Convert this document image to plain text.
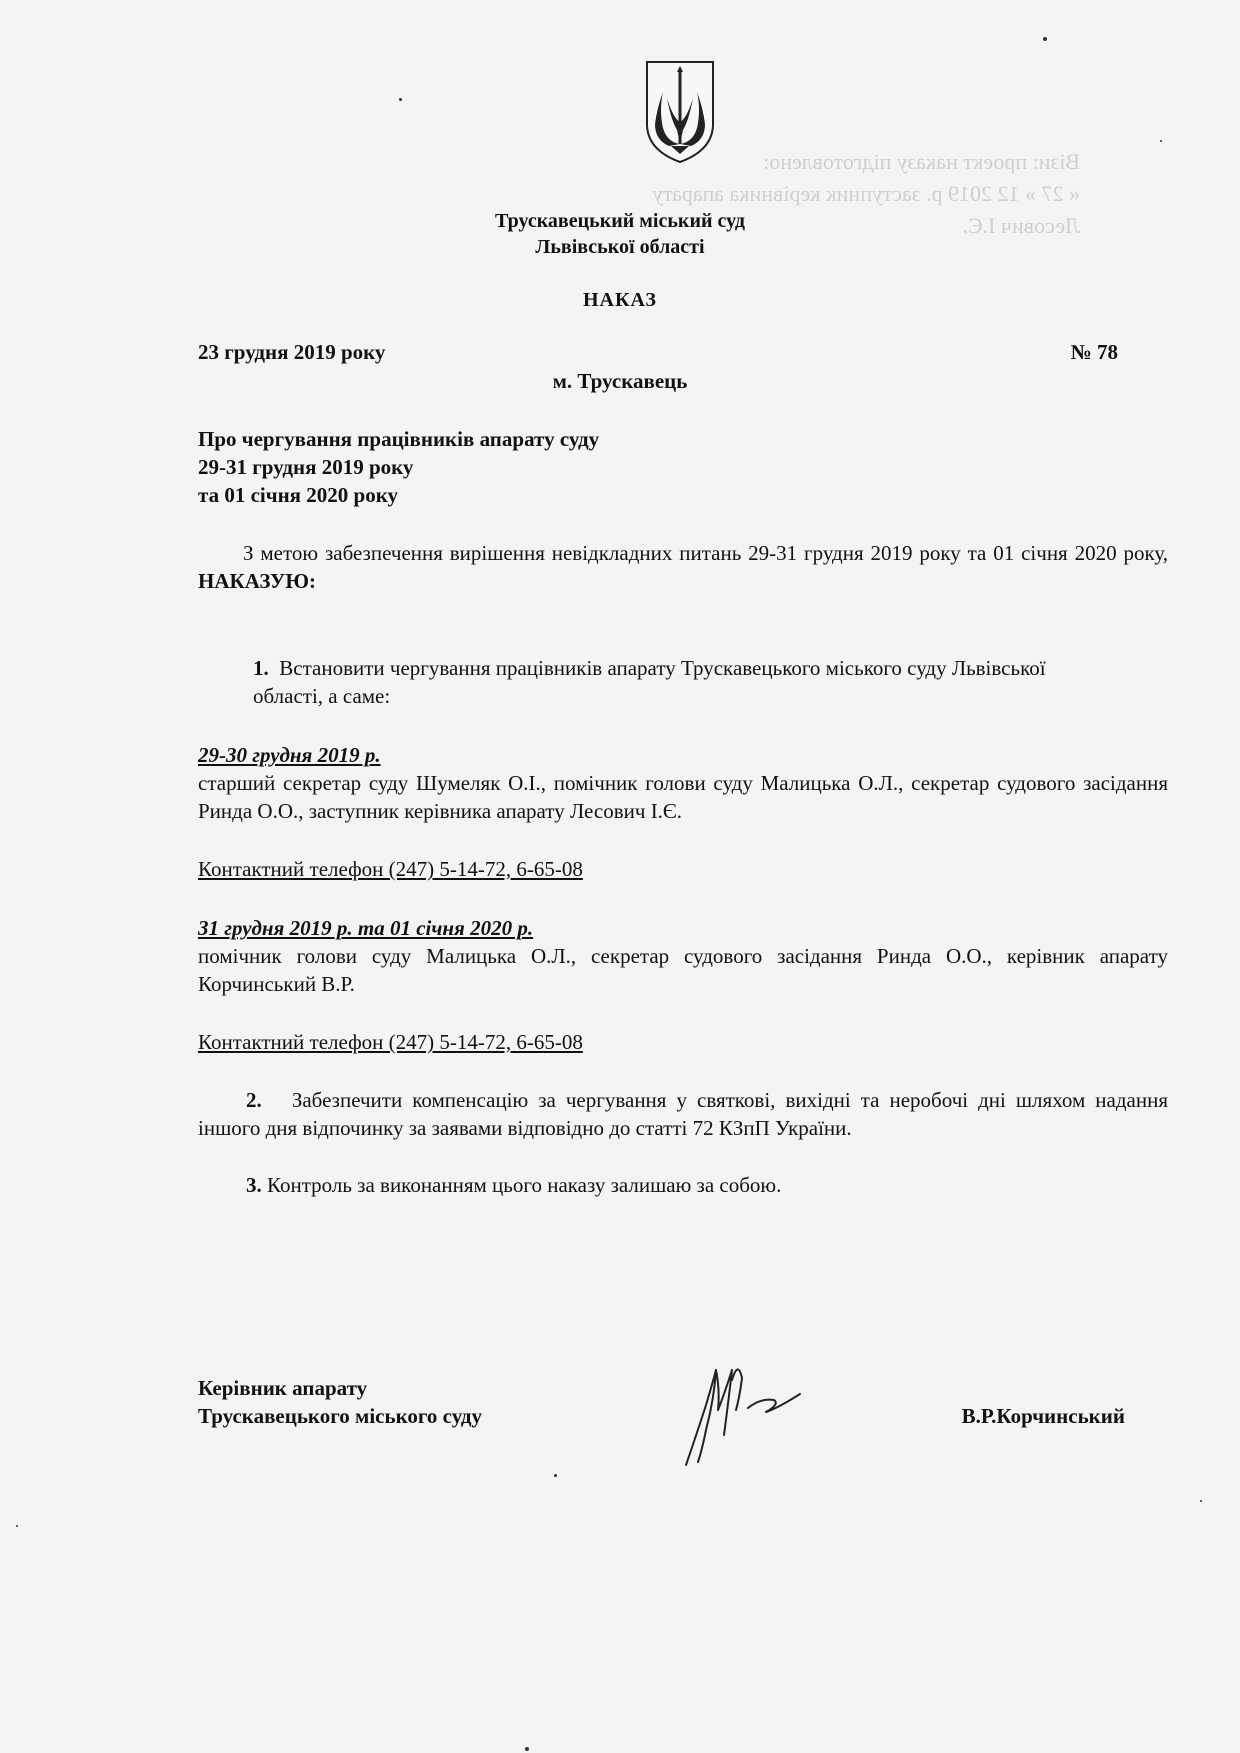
Візи: проект наказу підготовлено:
« 27 » 12 2019 р. заступник керівника апарату
Лесович І.Є.
Трускавецький міський суд
Львівської області
НАКАЗ
23 грудня 2019 року	№ 78
м. Трускавець
Про чергування працівників апарату суду
29-31 грудня 2019 року
та 01 січня 2020 року
З метою забезпечення вирішення невідкладних питань 29-31 грудня 2019 року та 01 січня 2020 року, НАКАЗУЮ:
1. Встановити чергування працівників апарату Трускавецького міського суду Львівської області, а саме:
29-30 грудня 2019 р.
старший секретар суду Шумеляк О.І., помічник голови суду Малицька О.Л., секретар судового засідання Ринда О.О., заступник керівника апарату Лесович І.Є.
Контактний телефон (247) 5-14-72, 6-65-08
31 грудня 2019 р. та 01 січня 2020 р.
помічник голови суду Малицька О.Л., секретар судового засідання Ринда О.О., керівник апарату Корчинський В.Р.
Контактний телефон (247) 5-14-72, 6-65-08
2. Забезпечити компенсацію за чергування у святкові, вихідні та неробочі дні шляхом надання іншого дня відпочинку за заявами відповідно до статті 72 КЗпП України.
3. Контроль за виконанням цього наказу залишаю за собою.
Керівник апарату
Трускавецького міського суду	В.Р.Корчинський
